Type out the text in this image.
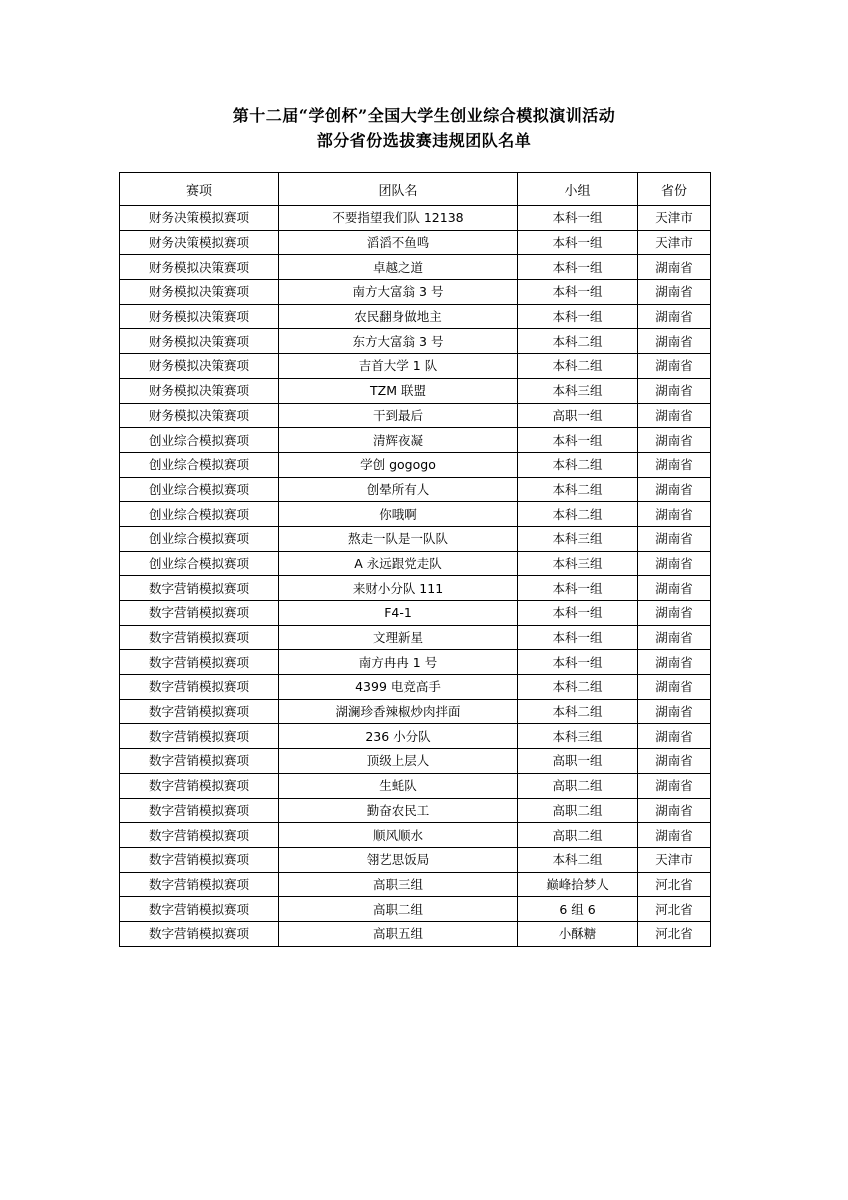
第十二届“学创杯”全国大学生创业综合模拟演训活动
部分省份选拔赛违规团队名单
赛项	团队名	小组	省份
财务决策模拟赛项	不要指望我们队 12138	本科一组	天津市
财务决策模拟赛项	滔滔不鱼鸣	本科一组	天津市
财务模拟决策赛项	卓越之道	本科一组	湖南省
财务模拟决策赛项	南方大富翁 3 号	本科一组	湖南省
财务模拟决策赛项	农民翻身做地主	本科一组	湖南省
财务模拟决策赛项	东方大富翁 3 号	本科二组	湖南省
财务模拟决策赛项	吉首大学 1 队	本科二组	湖南省
财务模拟决策赛项	TZM 联盟	本科三组	湖南省
财务模拟决策赛项	干到最后	高职一组	湖南省
创业综合模拟赛项	清辉夜凝	本科一组	湖南省
创业综合模拟赛项	学创 gogogo	本科二组	湖南省
创业综合模拟赛项	创晕所有人	本科二组	湖南省
创业综合模拟赛项	你哦啊	本科二组	湖南省
创业综合模拟赛项	熬走一队是一队队	本科三组	湖南省
创业综合模拟赛项	A 永远跟党走队	本科三组	湖南省
数字营销模拟赛项	来财小分队 111	本科一组	湖南省
数字营销模拟赛项	F4-1	本科一组	湖南省
数字营销模拟赛项	文理新星	本科一组	湖南省
数字营销模拟赛项	南方冉冉 1 号	本科一组	湖南省
数字营销模拟赛项	4399 电竞高手	本科二组	湖南省
数字营销模拟赛项	湖澜珍香辣椒炒肉拌面	本科二组	湖南省
数字营销模拟赛项	236 小分队	本科三组	湖南省
数字营销模拟赛项	顶级上层人	高职一组	湖南省
数字营销模拟赛项	生蚝队	高职二组	湖南省
数字营销模拟赛项	勤奋农民工	高职二组	湖南省
数字营销模拟赛项	顺风顺水	高职二组	湖南省
数字营销模拟赛项	翎艺思饭局	本科二组	天津市
数字营销模拟赛项	高职三组	巅峰拾梦人	河北省
数字营销模拟赛项	高职二组	6 组 6	河北省
数字营销模拟赛项	高职五组	小酥糖	河北省
